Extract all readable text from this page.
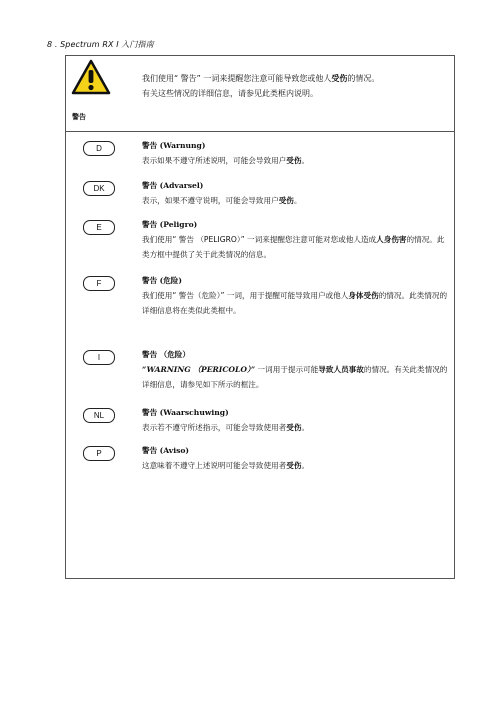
8 . Spectrum RX I 入门指南
警告
我们使用“ 警告” 一词来提醒您注意可能导致您或他人受伤的情况。
有关这些情况的详细信息，请参见此类框内说明。
D	警告 (Warnung)
表示如果不遵守所述说明，可能会导致用户受伤。
DK	警告 (Advarsel)
表示，如果不遵守说明，可能会导致用户受伤。
E	警告 (Peligro)
我们使用“ 警告 （PELIGRO）” 一词来提醒您注意可能对您或他人造成人身伤害的情况。此类方框中提供了关于此类情况的信息。
F	警告 (危险)
我们使用“ 警告（危险）” 一词，用于提醒可能导致用户或他人身体受伤的情况。此类情况的详细信息将在类似此类框中。
I	警告 （危险）
“WARNING （PERICOLO）” 一词用于提示可能导致人员事故的情况。有关此类情况的详细信息，请参见如下所示的框注。
NL	警告 (Waarschuwing)
表示若不遵守所述指示，可能会导致使用者受伤。
P	警告 (Aviso)
这意味着不遵守上述说明可能会导致使用者受伤。
